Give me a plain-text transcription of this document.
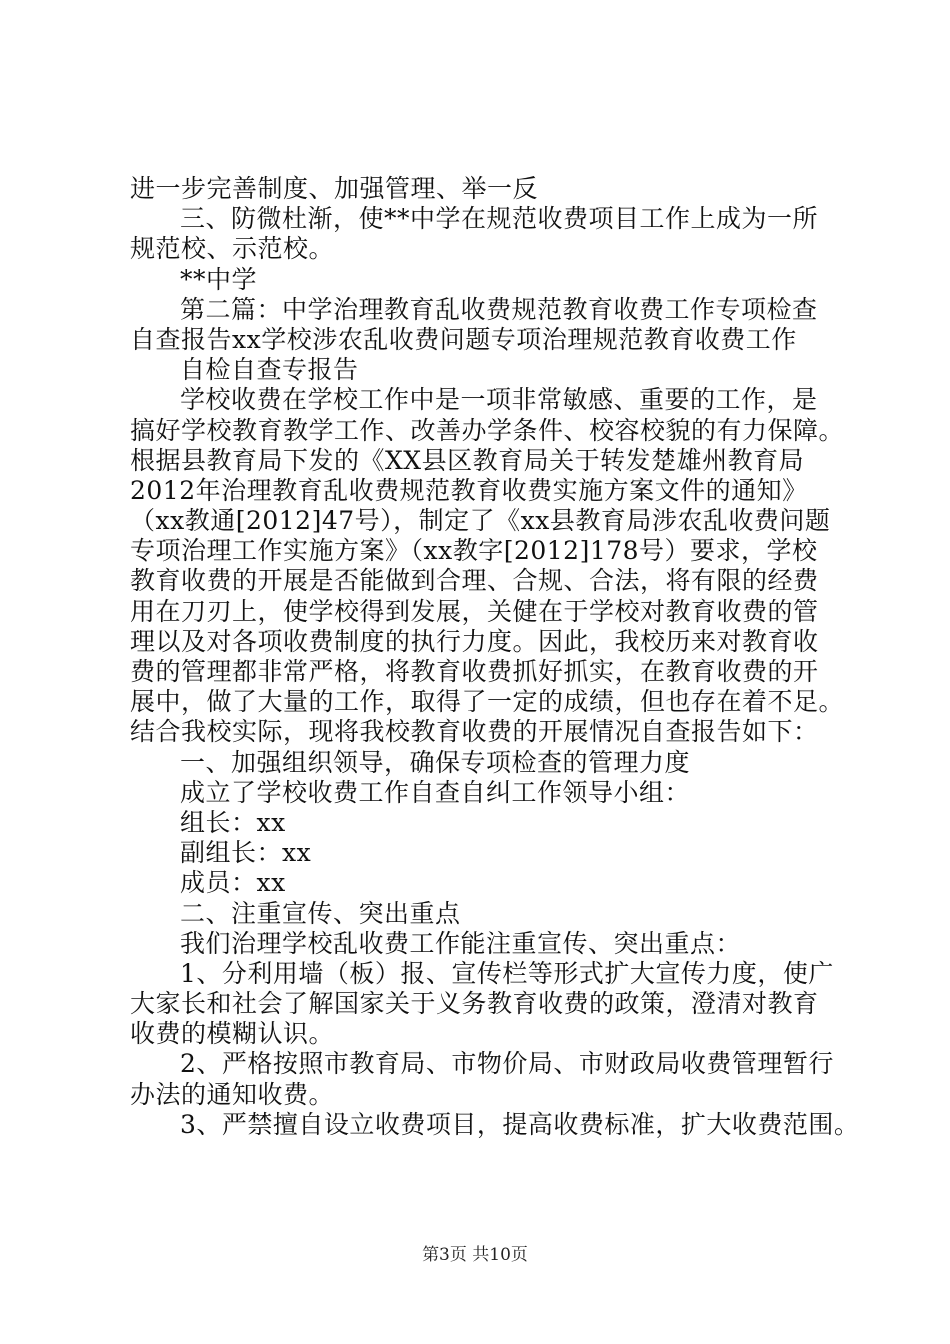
进一步完善制度、加强管理、举一反
三、防微杜渐，使**中学在规范收费项目工作上成为一所
规范校、示范校。
**中学
第二篇：中学治理教育乱收费规范教育收费工作专项检查
自查报告xx学校涉农乱收费问题专项治理规范教育收费工作
自检自查专报告
学校收费在学校工作中是一项非常敏感、重要的工作，是
搞好学校教育教学工作、改善办学条件、校容校貌的有力保障。
根据县教育局下发的《XX县区教育局关于转发楚雄州教育局
2012年治理教育乱收费规范教育收费实施方案文件的通知》
（xx教通[2012]47号），制定了《xx县教育局涉农乱收费问题
专项治理工作实施方案》（xx教字[2012]178号）要求，学校
教育收费的开展是否能做到合理、合规、合法，将有限的经费
用在刀刃上，使学校得到发展，关健在于学校对教育收费的管
理以及对各项收费制度的执行力度。因此，我校历来对教育收
费的管理都非常严格，将教育收费抓好抓实，在教育收费的开
展中，做了大量的工作，取得了一定的成绩，但也存在着不足。
结合我校实际，现将我校教育收费的开展情况自查报告如下：
一、加强组织领导，确保专项检查的管理力度
成立了学校收费工作自查自纠工作领导小组：
组长：xx
副组长：xx
成员：xx
二、注重宣传、突出重点
我们治理学校乱收费工作能注重宣传、突出重点：
1、分利用墙（板）报、宣传栏等形式扩大宣传力度，使广
大家长和社会了解国家关于义务教育收费的政策，澄清对教育
收费的模糊认识。
2、严格按照市教育局、市物价局、市财政局收费管理暂行
办法的通知收费。
3、严禁擅自设立收费项目，提高收费标准，扩大收费范围。
第3页 共10页
